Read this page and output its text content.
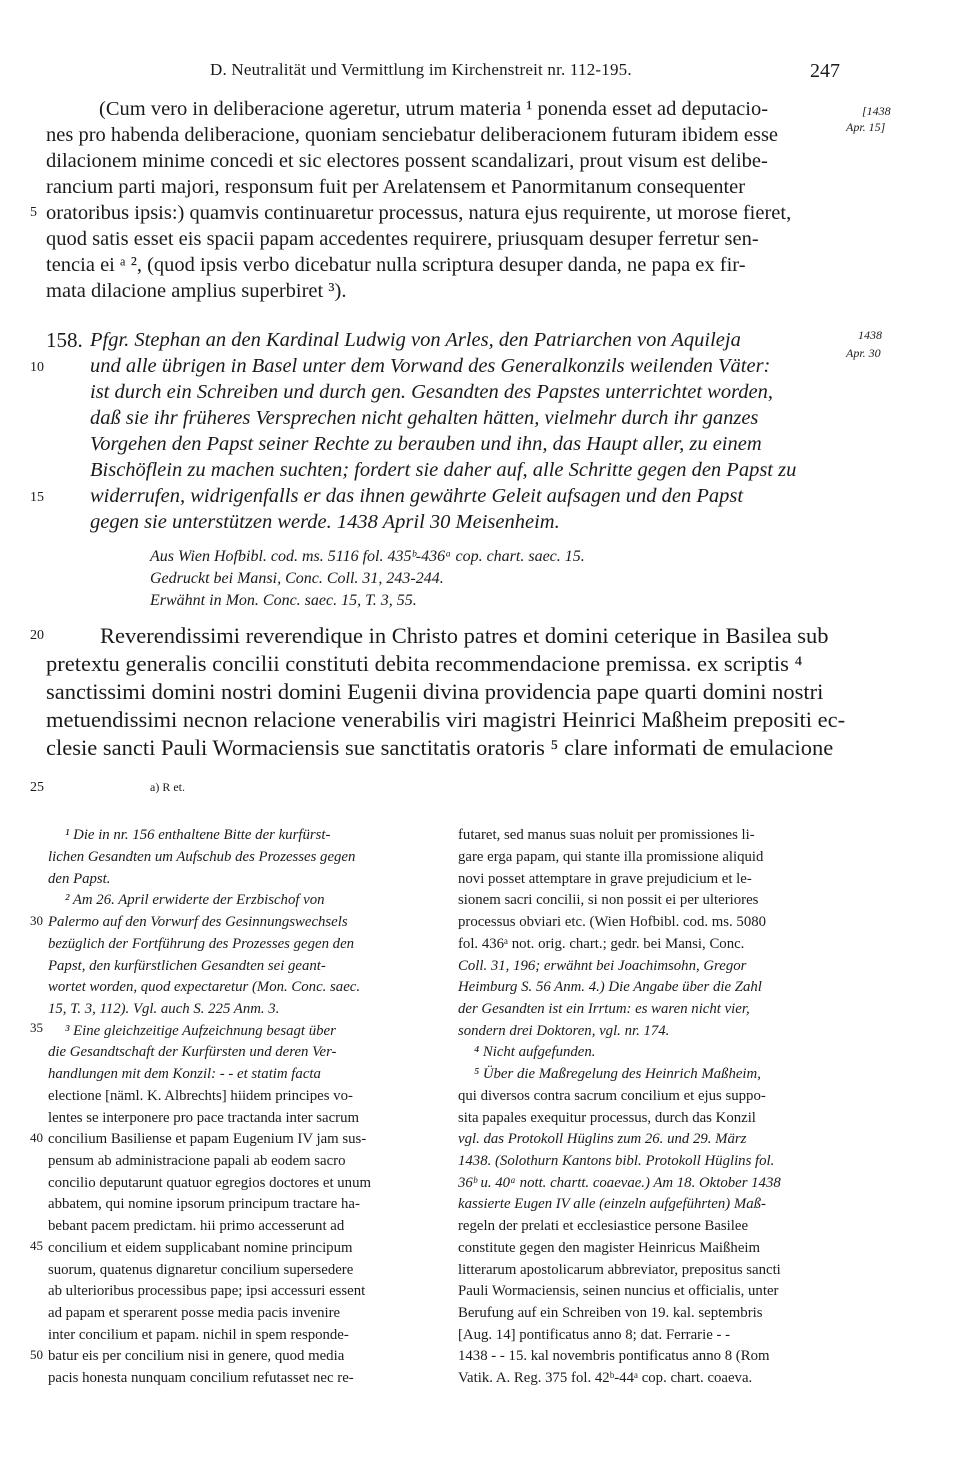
D. Neutralität und Vermittlung im Kirchenstreit nr. 112-195.	247
(Cum vero in deliberacione ageretur, utrum materia ¹ ponenda esset ad deputacio-
nes pro habenda deliberacione, quoniam senciebatur deliberacionem futuram ibidem esse
dilacionem minime concedi et sic electores possent scandalizari, prout visum est delibe-
rancium parti majori, responsum fuit per Arelatensem et Panormitanum consequenter
oratoribus ipsis:) quamvis continuaretur processus, natura ejus requirente, ut morose fieret,
quod satis esset eis spacii papam accedentes requirere, priusquam desuper ferretur sen-
tencia ei ᵃ ², (quod ipsis verbo dicebatur nulla scriptura desuper danda, ne papa ex fir-
mata dilacione amplius superbiret ³).
[1438
Apr. 15]
1438
Apr. 30
158. Pfgr. Stephan an den Kardinal Ludwig von Arles, den Patriarchen von Aquileja
und alle übrigen in Basel unter dem Vorwand des Generalkonzils weilenden Väter:
ist durch ein Schreiben und durch gen. Gesandten des Papstes unterrichtet worden,
daß sie ihr früheres Versprechen nicht gehalten hätten, vielmehr durch ihr ganzes
Vorgehen den Papst seiner Rechte zu berauben und ihn, das Haupt aller, zu einem
Bischöflein zu machen suchten; fordert sie daher auf, alle Schritte gegen den Papst zu
widerrufen, widrigenfalls er das ihnen gewährte Geleit aufsagen und den Papst
gegen sie unterstützen werde. 1438 April 30 Meisenheim.
Aus Wien Hofbibl. cod. ms. 5116 fol. 435ᵇ-436ᵃ cop. chart. saec. 15.
Gedruckt bei Mansi, Conc. Coll. 31, 243-244.
Erwähnt in Mon. Conc. saec. 15, T. 3, 55.
Reverendissimi reverendique in Christo patres et domini ceterique in Basilea sub
pretextu generalis concilii constituti debita recommendacione premissa. ex scriptis ⁴
sanctissimi domini nostri domini Eugenii divina providencia pape quarti domini nostri
metuendissimi necnon relacione venerabilis viri magistri Heinrici Maßheim prepositi ec-
clesie sancti Pauli Wormaciensis sue sanctitatis oratoris ⁵ clare informati de emulacione
a) R et.
5
10
15
20
25
30
35
40
45
50
¹ Die in nr. 156 enthaltene Bitte der kurfürst-
lichen Gesandten um Aufschub des Prozesses gegen
den Papst.
² Am 26. April erwiderte der Erzbischof von
Palermo auf den Vorwurf des Gesinnungswechsels
bezüglich der Fortführung des Prozesses gegen den
Papst, den kurfürstlichen Gesandten sei geant-
wortet worden, quod expectaretur (Mon. Conc. saec.
15, T. 3, 112). Vgl. auch S. 225 Anm. 3.
³ Eine gleichzeitige Aufzeichnung besagt über
die Gesandtschaft der Kurfürsten und deren Ver-
handlungen mit dem Konzil: - - et statim facta
electione [näml. K. Albrechts] hiidem principes vo-
lentes se interponere pro pace tractanda inter sacrum
concilium Basiliense et papam Eugenium IV jam sus-
pensum ab administracione papali ab eodem sacro
concilio deputarunt quatuor egregios doctores et unum
abbatem, qui nomine ipsorum principum tractare ha-
bebant pacem predictam. hii primo accesserunt ad
concilium et eidem supplicabant nomine principum
suorum, quatenus dignaretur concilium supersedere
ab ulterioribus processibus pape; ipsi accessuri essent
ad papam et sperarent posse media pacis invenire
inter concilium et papam. nichil in spem responde-
batur eis per concilium nisi in genere, quod media
pacis honesta nunquam concilium refutasset nec re-
futaret, sed manus suas noluit per promissiones li-
gare erga papam, qui stante illa promissione aliquid
novi posset attemptare in grave prejudicium et le-
sionem sacri concilii, si non possit ei per ulteriores
processus obviari etc. (Wien Hofbibl. cod. ms. 5080
fol. 436ᵃ not. orig. chart.; gedr. bei Mansi, Conc.
Coll. 31, 196; erwähnt bei Joachimsohn, Gregor
Heimburg S. 56 Anm. 4.) Die Angabe über die Zahl
der Gesandten ist ein Irrtum: es waren nicht vier,
sondern drei Doktoren, vgl. nr. 174.
⁴ Nicht aufgefunden.
⁵ Über die Maßregelung des Heinrich Maßheim,
qui diversos contra sacrum concilium et ejus suppo-
sita papales exequitur processus, durch das Konzil
vgl. das Protokoll Hüglins zum 26. und 29. März
1438. (Solothurn Kantons bibl. Protokoll Hüglins fol.
36ᵇ u. 40ᵃ nott. chartt. coaevae.) Am 18. Oktober 1438
kassierte Eugen IV alle (einzeln aufgeführten) Maß-
regeln der prelati et ecclesiastice persone Basilee
constitute gegen den magister Heinricus Maißheim
litterarum apostolicarum abbreviator, prepositus sancti
Pauli Wormaciensis, seinen nuncius et officialis, unter
Berufung auf ein Schreiben von 19. kal. septembris
[Aug. 14] pontificatus anno 8; dat. Ferrarie - -
1438 - - 15. kal novembris pontificatus anno 8 (Rom
Vatik. A. Reg. 375 fol. 42ᵇ-44ᵃ cop. chart. coaeva.
